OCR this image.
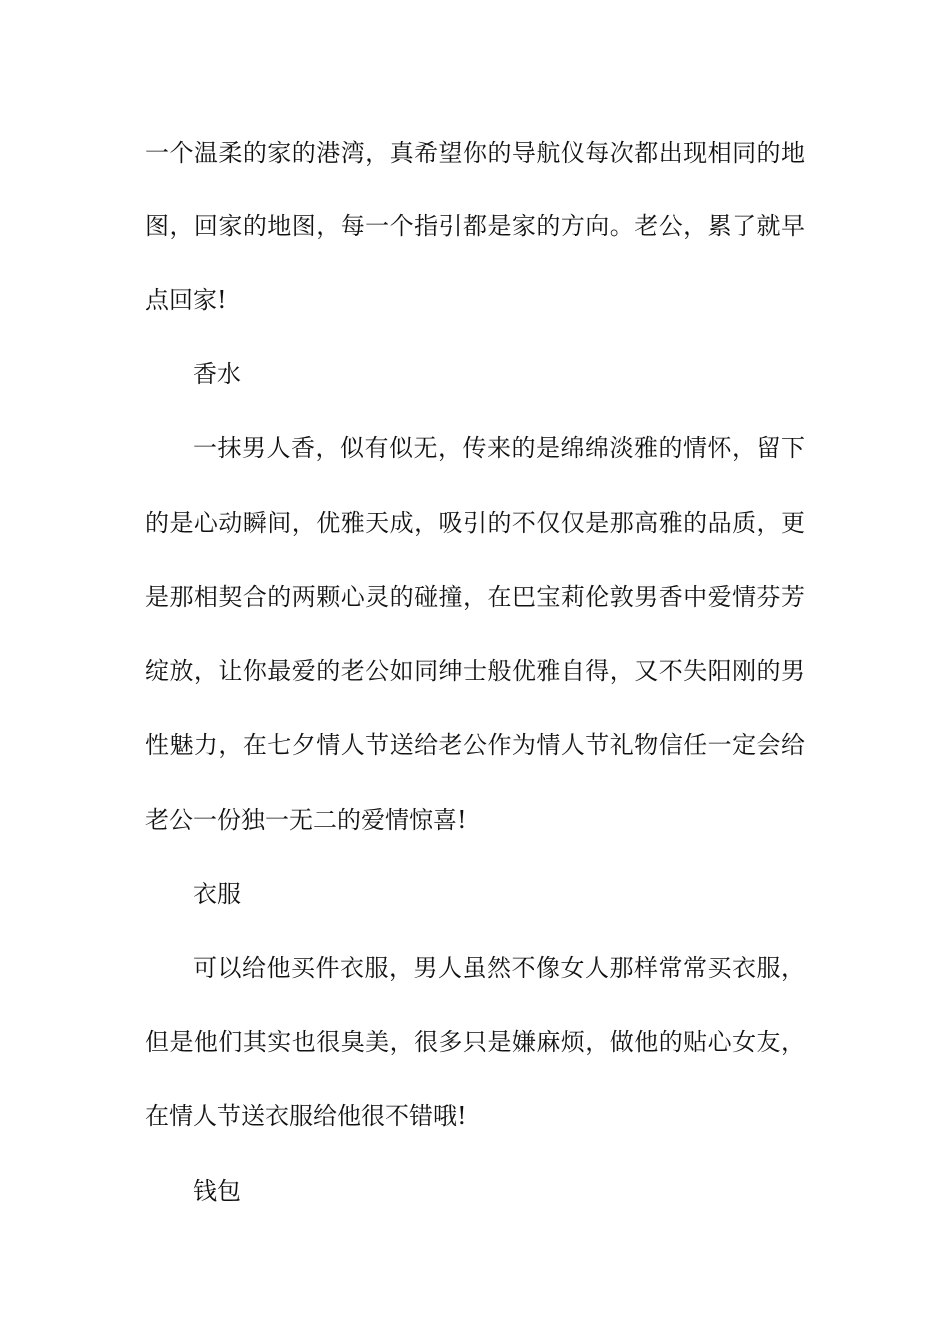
一个温柔的家的港湾，真希望你的导航仪每次都出现相同的地
图，回家的地图，每一个指引都是家的方向。老公，累了就早
点回家!
香水
一抹男人香，似有似无，传来的是绵绵淡雅的情怀，留下
的是心动瞬间，优雅天成，吸引的不仅仅是那高雅的品质，更
是那相契合的两颗心灵的碰撞，在巴宝莉伦敦男香中爱情芬芳
绽放，让你最爱的老公如同绅士般优雅自得，又不失阳刚的男
性魅力，在七夕情人节送给老公作为情人节礼物信任一定会给
老公一份独一无二的爱情惊喜!
衣服
可以给他买件衣服，男人虽然不像女人那样常常买衣服，
但是他们其实也很臭美，很多只是嫌麻烦，做他的贴心女友，
在情人节送衣服给他很不错哦!
钱包
